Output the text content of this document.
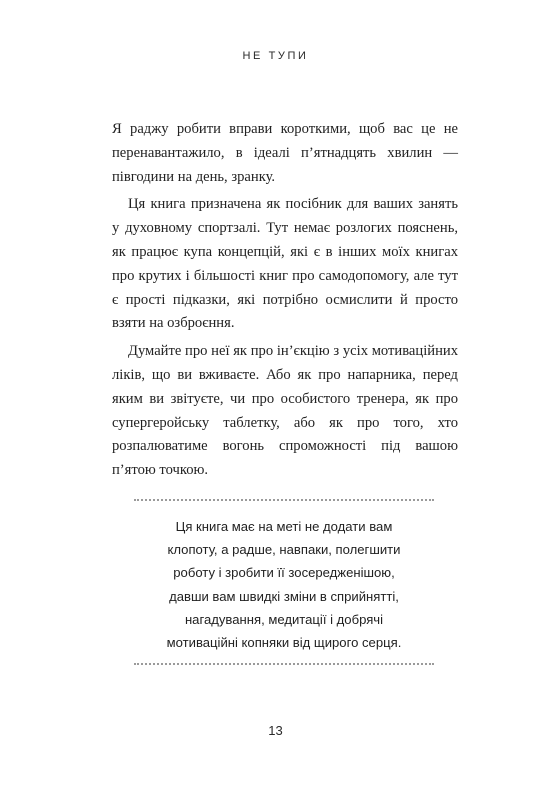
НЕ ТУПИ

Я раджу робити вправи короткими, щоб вас це не перенавантажило, в ідеалі п’ятнадцять хвилин — півгодини на день, зранку.

Ця книга призначена як посібник для ваших занять у духовному спортзалі. Тут немає розлогих пояснень, як працює купа концепцій, які є в інших моїх книгах про крутих і більшості книг про самодопомогу, але тут є прості підказки, які потрібно осмислити й просто взяти на озброєння.

Думайте про неї як про ін’єкцію з усіх мотиваційних ліків, що ви вживаєте. Або як про напарника, перед яким ви звітуєте, чи про особистого тренера, як про супергеройську таблетку, або як про того, хто розпалюватиме вогонь спроможності під вашою п’ятою точкою.

Ця книга має на меті не додати вам
клопоту, а радше, навпаки, полегшити
роботу і зробити її зосередженішою,
давши вам швидкі зміни в сприйнятті,
нагадування, медитації і добрячі
мотиваційні копняки від щирого серця.
13
